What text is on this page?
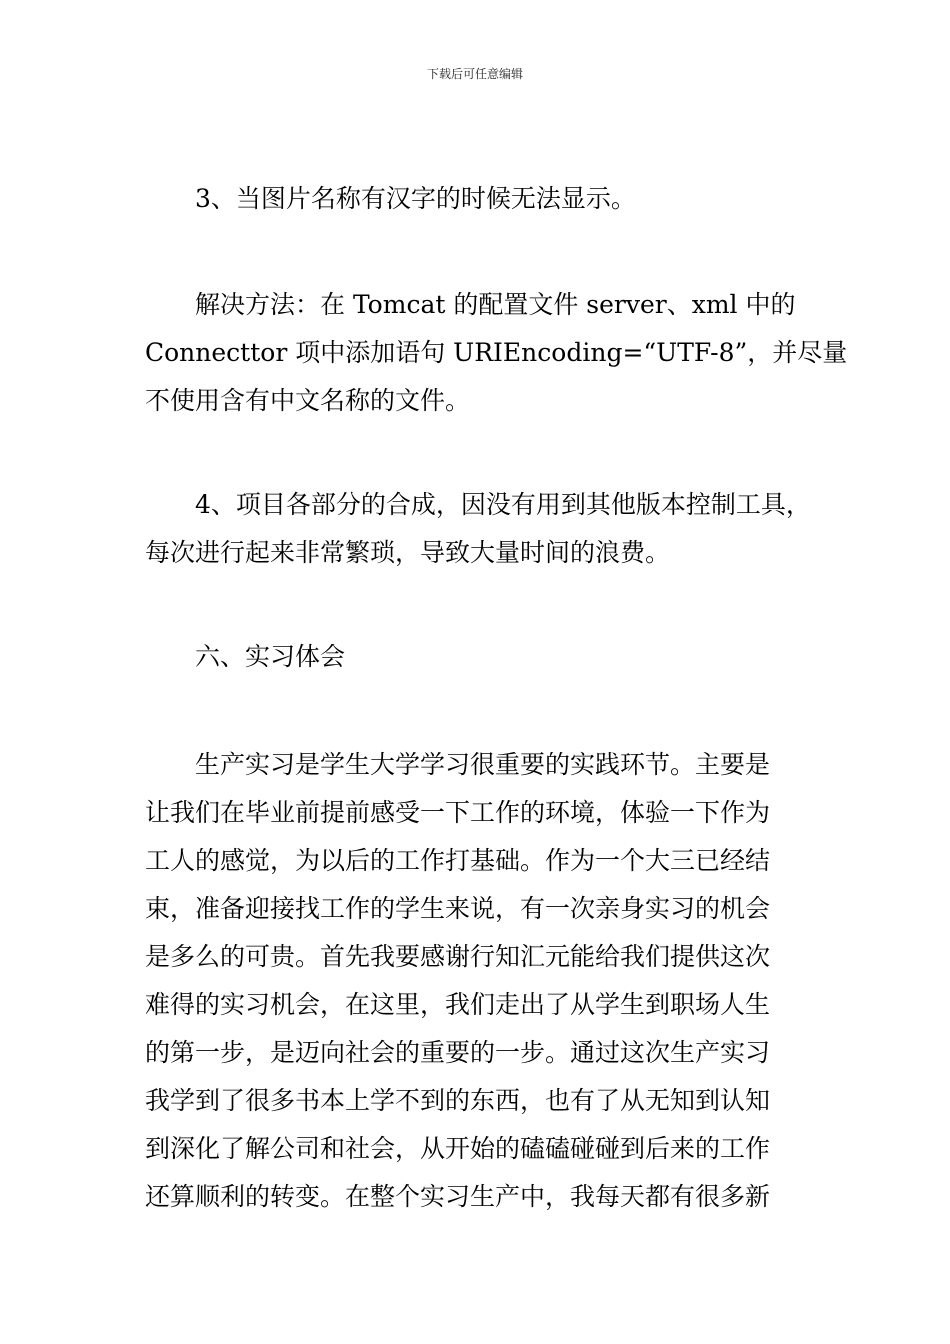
下载后可任意编辑

3、当图片名称有汉字的时候无法显示。

解决方法：在 Tomcat 的配置文件 server、xml 中的
Connecttor 项中添加语句 URIEncoding=“UTF-8”，并尽量
不使用含有中文名称的文件。

4、项目各部分的合成，因没有用到其他版本控制工具，
每次进行起来非常繁琐，导致大量时间的浪费。

六、实习体会

生产实习是学生大学学习很重要的实践环节。主要是
让我们在毕业前提前感受一下工作的环境，体验一下作为
工人的感觉，为以后的工作打基础。作为一个大三已经结
束，准备迎接找工作的学生来说，有一次亲身实习的机会
是多么的可贵。首先我要感谢行知汇元能给我们提供这次
难得的实习机会，在这里，我们走出了从学生到职场人生
的第一步，是迈向社会的重要的一步。通过这次生产实习
我学到了很多书本上学不到的东西，也有了从无知到认知
到深化了解公司和社会，从开始的磕磕碰碰到后来的工作
还算顺利的转变。在整个实习生产中，我每天都有很多新
